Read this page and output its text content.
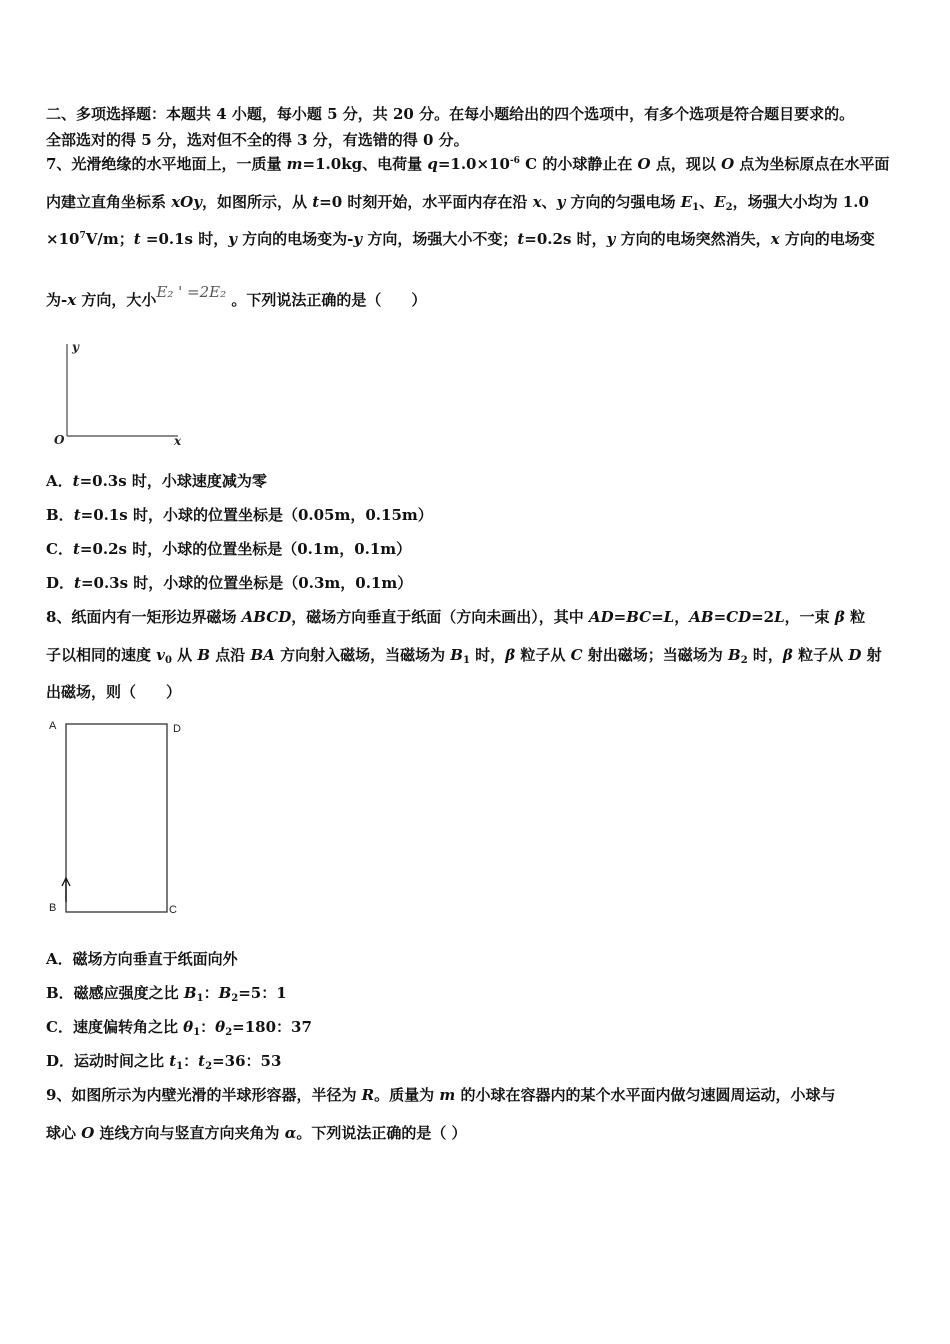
二、多项选择题：本题共 4 小题，每小题 5 分，共 20 分。在每小题给出的四个选项中，有多个选项是符合题目要求的。
全部选对的得 5 分，选对但不全的得 3 分，有选错的得 0 分。
7、光滑绝缘的水平地面上，一质量 m=1.0kg、电荷量 $q=1.0\times 10^{-6}$ C 的小球静止在 O 点，现以 O 点为坐标原点在水平面
内建立直角坐标系 xOy，如图所示，从 t=0 时刻开始，水平面内存在沿 x、y 方向的匀强电场 $E_1$、$E_2$，场强大小均为 1.0
$\times 10^7V/m$；t =0.1s 时，y 方向的电场变为-y 方向，场强大小不变；t=0.2s 时，y 方向的电场突然消失，x 方向的电场变
为-x 方向，大小E₂ ' =2E₂ 。下列说法正确的是（　　）
y
O	x
A．t=0.3s 时，小球速度减为零
B．t=0.1s 时，小球的位置坐标是（0.05m，0.15m）
C．t=0.2s 时，小球的位置坐标是（0.1m，0.1m）
D．t=0.3s 时，小球的位置坐标是（0.3m，0.1m）
8、纸面内有一矩形边界磁场 ABCD，磁场方向垂直于纸面（方向未画出），其中 AD=BC=L，AB=CD=2L，一束 β 粒
子以相同的速度 $v_0$ 从 B 点沿 BA 方向射入磁场，当磁场为 $B_1$ 时，β 粒子从 C 射出磁场；当磁场为 $B_2$ 时，β 粒子从 D 射
出磁场，则（　　）
A	D
B	C
A．磁场方向垂直于纸面向外
B．磁感应强度之比 $B_1$：$B_2=5$：1
C．速度偏转角之比 $\theta_1$：$\theta_2=180$：37
D．运动时间之比 $t_1$：$t_2=36$：53
9、如图所示为内壁光滑的半球形容器，半径为 R。质量为 m 的小球在容器内的某个水平面内做匀速圆周运动，小球与
球心 O 连线方向与竖直方向夹角为 α。下列说法正确的是（ ）
